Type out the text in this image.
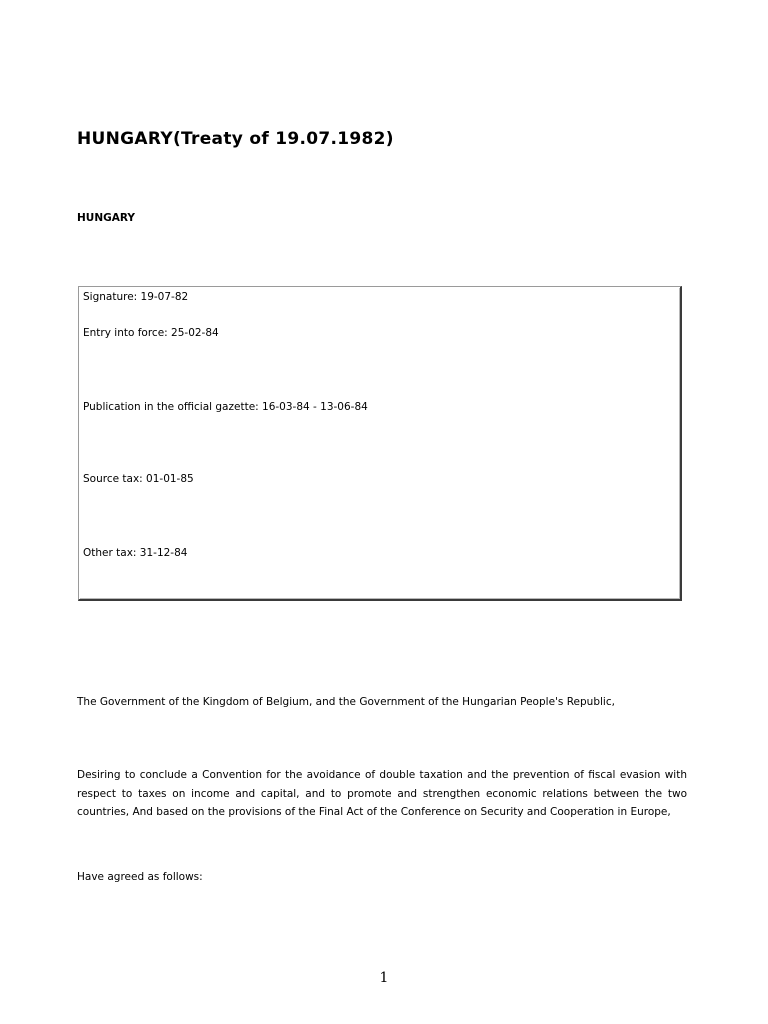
HUNGARY(Treaty of 19.07.1982)
HUNGARY
Signature: 19-07-82
Entry into force: 25-02-84
Publication in the official gazette: 16-03-84 - 13-06-84
Source tax: 01-01-85
Other tax: 31-12-84
The Government of the Kingdom of Belgium, and the Government of the Hungarian People's Republic,
Desiring to conclude a Convention for the avoidance of double taxation and the prevention of fiscal evasion with respect to taxes on income and capital, and to promote and strengthen economic relations between the two countries, And based on the provisions of the Final Act of the Conference on Security and Cooperation in Europe,
Have agreed as follows:
1
